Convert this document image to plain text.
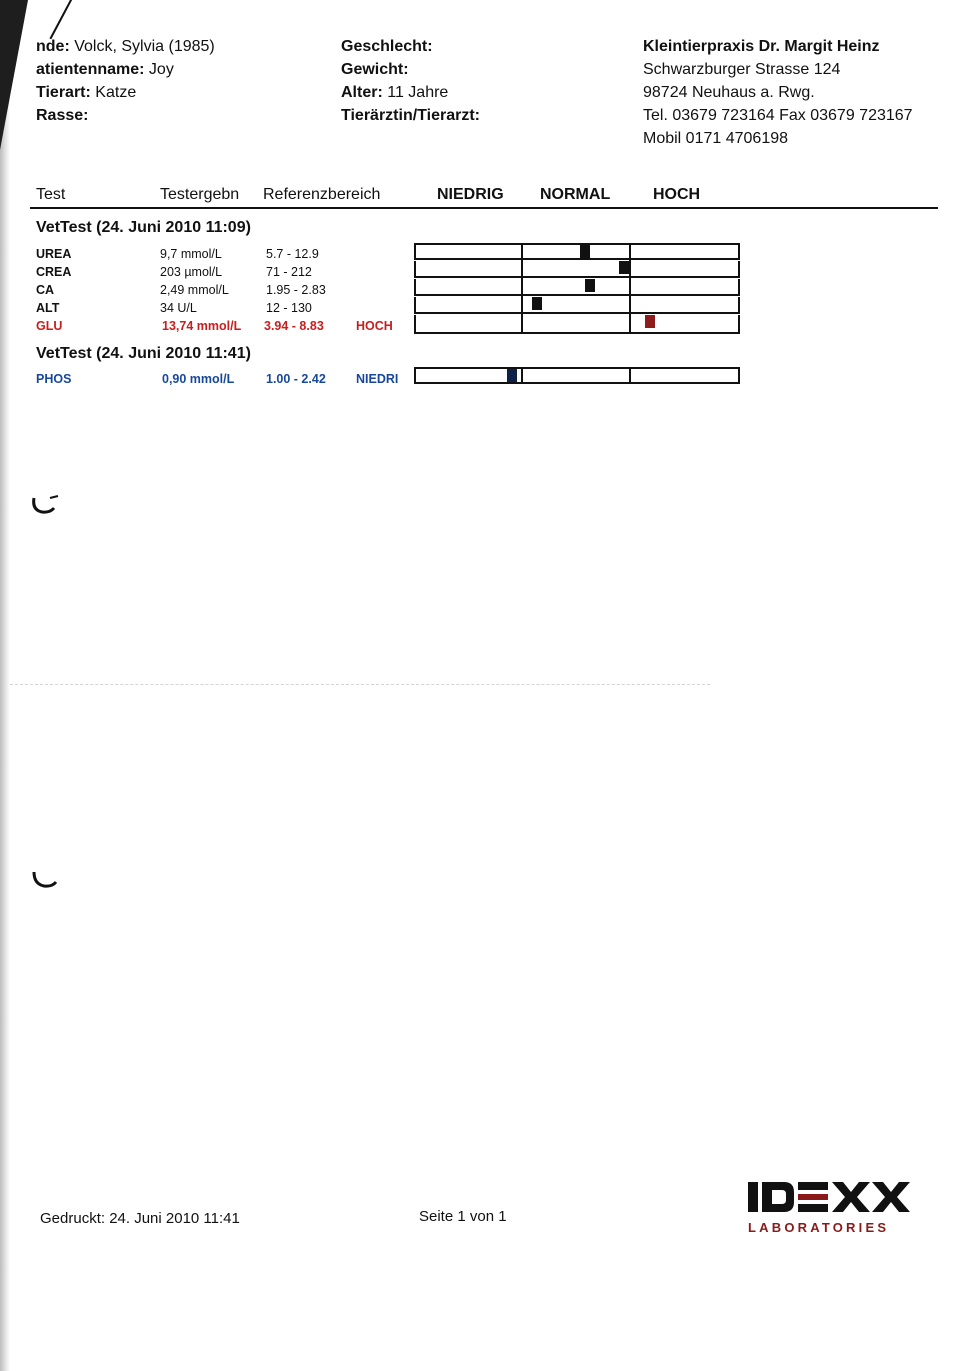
nde: Volck, Sylvia (1985)
atientenname: Joy
Tierart: Katze
Rasse:
Geschlecht:
Gewicht:
Alter: 11 Jahre
Tierärztin/Tierarzt:
Kleintierpraxis Dr. Margit Heinz
Schwarzburger Strasse 124
98724 Neuhaus a. Rwg.
Tel. 03679 723164 Fax 03679 723167
Mobil 0171 4706198
Test	Testergebn Referenzbereich	NIEDRIG NORMAL	HOCH
VetTest (24. Juni 2010 11:09)
UREA	9,7 mmol/L	5.7 - 12.9
CREA	203 µmol/L	71 - 212
CA	2,49 mmol/L	1.95 - 2.83
ALT	34 U/L	12 - 130
GLU	13,74 mmol/L 3.94 - 8.83	HOCH
VetTest (24. Juni 2010 11:41)
PHOS	0,90 mmol/L	1.00 - 2.42 NIEDRI
Gedruckt: 24. Juni 2010 11:41	Seite 1 von 1
LABORATORIES
